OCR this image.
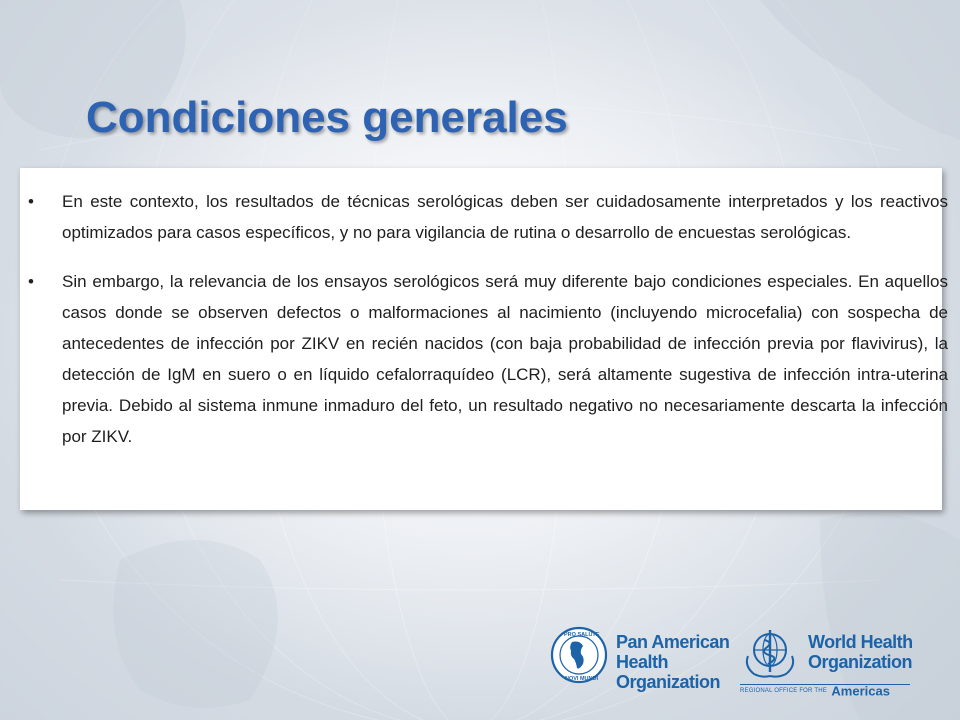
Condiciones generales
• En este contexto, los resultados de técnicas serológicas deben ser cuidadosamente interpretados y los reactivos optimizados para casos específicos, y no para vigilancia de rutina o desarrollo de encuestas serológicas.

• Sin embargo, la relevancia de los ensayos serológicos será muy diferente bajo condiciones especiales. En aquellos casos donde se observen defectos o malformaciones al nacimiento (incluyendo microcefalia) con sospecha de antecedentes de infección por ZIKV en recién nacidos (con baja probabilidad de infección previa por flavivirus), la detección de IgM en suero o en líquido cefalorraquídeo (LCR), será altamente sugestiva de infección intra-uterina previa. Debido al sistema inmune inmaduro del feto, un resultado negativo no necesariamente descarta la infección por ZIKV.

PRO SALUTE
NOVI MUNDI

Pan American

Health

Organization

World Health

Organization

REGIONAL OFFICE FOR THE Americas
